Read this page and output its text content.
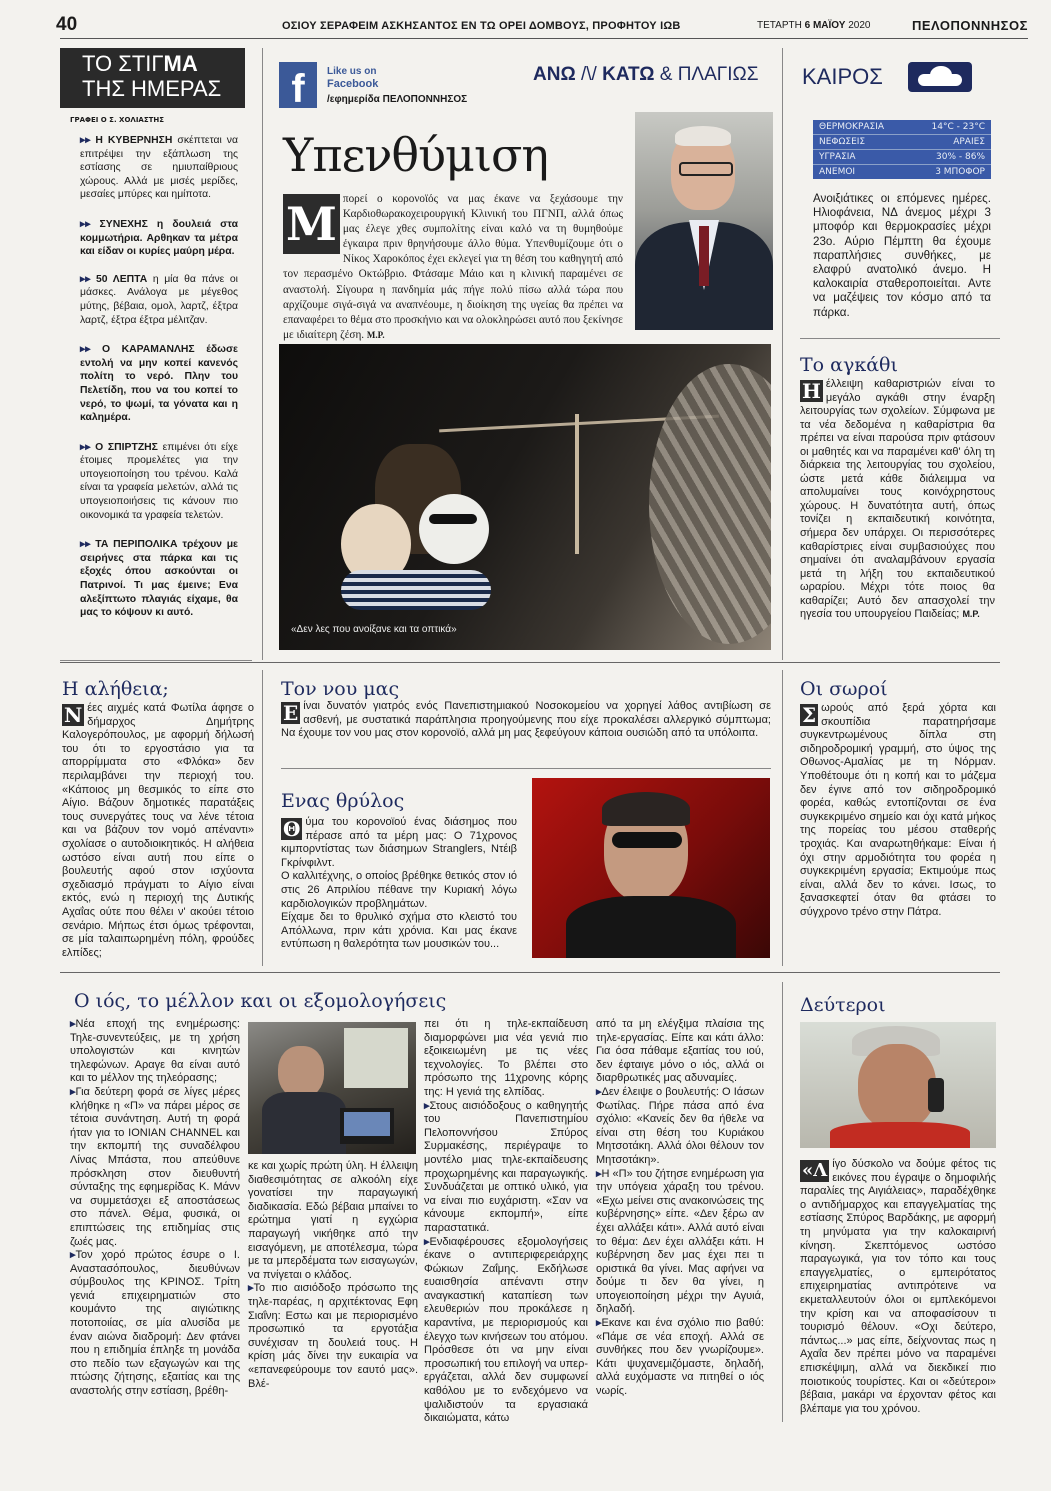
40	ΟΣΙΟΥ ΣΕΡΑΦΕΙΜ ΑΣΚΗΣΑΝΤΟΣ ΕΝ ΤΩ ΟΡΕΙ ΔΟΜΒΟΥΣ, ΠΡΟΦΗΤΟΥ ΙΩΒ	ΤΕΤΑΡΤΗ 6 ΜΑΪΟΥ 2020	ΠΕΛΟΠΟΝΝΗΣΟΣ
ΤΟ ΣΤΙΓΜΑ
ΤΗΣ ΗΜΕΡΑΣ
ΓΡΑΦΕΙ Ο Σ. ΧΟΛΙΑΣΤΗΣ
▸▸ Η ΚΥΒΕΡΝΗΣΗ σκέπτεται να επιτρέψει την εξάπλωση της εστίασης σε ημιυπαίθριους χώρους. Αλλά με μισές μερίδες, μεσαίες μπύρες και ημίποτα.
▸▸ ΣΥΝΕΧΗΣ η δουλειά στα κομμωτήρια. Αρθηκαν τα μέτρα και είδαν οι κυρίες μαύρη μέρα.
▸▸ 50 ΛΕΠΤΑ η μία θα πάνε οι μάσκες. Ανάλογα με μέγεθος μύτης, βέβαια, ομολ, λαρτζ, έξτρα λαρτζ, έξτρα έξτρα μέλιτζαν.
▸▸ Ο ΚΑΡΑΜΑΝΛΗΣ έδωσε εντολή να μην κοπεί κανενός πολίτη το νερό. Πλην του Πελετίδη, που να του κοπεί το νερό, το ψωμί, τα γόνατα και η καλημέρα.
▸▸ Ο ΣΠΙΡΤΖΗΣ επιμένει ότι είχε έτοιμες προμελέτες για την υπογειοποίηση του τρένου. Καλά είναι τα γραφεία μελετών, αλλά τις υπογειοποιήσεις τις κάνουν πιο οικονομικά τα γραφεία τελετών.
▸▸ ΤΑ ΠΕΡΙΠΟΛΙΚΑ τρέχουν με σειρήνες στα πάρκα και τις εξοχές όπου ασκούνται οι Πατρινοί. Τι μας έμεινε; Ενα αλεξίπτωτο πλαγιάς είχαμε, θα μας το κόψουν κι αυτό.
f	Like us on
Facebook
/εφημερίδα ΠΕΛΟΠΟΝΝΗΣΟΣ
ΑΝΩ /\/ ΚΑΤΩ & ΠΛΑΓΙΩΣ
Υπενθύμιση
Μ πορεί ο κορονοϊός να μας έκανε να ξεχάσουμε την Καρδιοθωρακοχειρουργική Κλινική του ΠΓΝΠ, αλλά όπως μας έλεγε χθες συμπολίτης είναι καλό να τη θυμηθούμε έγκαιρα πριν θρηνήσουμε άλλο θύμα. Υπενθυμίζουμε ότι ο Νίκος Χαροκόπος έχει εκλεγεί για τη θέση του καθηγητή από τον περασμένο Οκτώβριο. Φτάσαμε Μάιο και η κλινική παραμένει σε αναστολή. Σίγουρα η πανδημία μάς πήγε πολύ πίσω αλλά τώρα που αρχίζουμε σιγά-σιγά να αναπνέουμε, η διοίκηση της υγείας θα πρέπει να επαναφέρει το θέμα στο προσκήνιο και να ολοκληρώσει αυτό που ξεκίνησε με ιδιαίτερη ζέση. Μ.Ρ.
«Δεν λες που ανοίξανε και τα οπτικά»
ΚΑΙΡΟΣ
ΘΕΡΜΟΚΡΑΣΙΑ	14°C - 23°C
ΝΕΦΩΣΕΙΣ	ΑΡΑΙΕΣ
ΥΓΡΑΣΙΑ	30% - 86%
ΑΝΕΜΟΙ	3 ΜΠΟΦΟΡ
Ανοιξιάτικες οι επόμενες ημέρες. Ηλιοφάνεια, ΝΔ άνεμος μέχρι 3 μποφόρ και θερμοκρασίες μέχρι 23ο. Αύριο Πέμπτη θα έχουμε παραπλήσιες συνθήκες, με ελαφρύ ανατολικό άνεμο. Η καλοκαιρία σταθεροποιείται. Αντε να μαζέψεις τον κόσμο από τα πάρκα.
Το αγκάθι
Η έλλειψη καθαριστριών είναι το μεγάλο αγκάθι στην έναρξη λειτουργίας των σχολείων. Σύμφωνα με τα νέα δεδομένα η καθαρίστρια θα πρέπει να είναι παρούσα πριν φτάσουν οι μαθητές και να παραμένει καθ' όλη τη διάρκεια της λειτουργίας του σχολείου, ώστε μετά κάθε διάλειμμα να απολυμαίνει τους κοινόχρηστους χώρους. Η δυνατότητα αυτή, όπως τονίζει η εκπαιδευτική κοινότητα, σήμερα δεν υπάρχει. Οι περισσότερες καθαρίστριες είναι συμβασιούχες που σημαίνει ότι αναλαμβάνουν εργασία μετά τη λήξη του εκπαιδευτικού ωραρίου. Μέχρι τότε ποιος θα καθαρίζει; Αυτό δεν απασχολεί την ηγεσία του υπουργείου Παιδείας; Μ.Ρ.
Η αλήθεια;
Ν έες αιχμές κατά Φωτίλα άφησε ο δήμαρχος Δημήτρης Καλογερόπουλος, με αφορμή δήλωσή του ότι το εργοστάσιο για τα απορρίμματα στο «Φλόκα» δεν περιλαμβάνει την περιοχή του. «Κάποιος μη θεσμικός το είπε στο Αίγιο. Βάζουν δημοτικές παρατάξεις τους συνεργάτες τους να λένε τέτοια και να βάζουν τον νομό απέναντι» σχολίασε ο αυτοδιοικητικός. Η αλήθεια ωστόσο είναι αυτή που είπε ο βουλευτής αφού στον ισχύοντα σχεδιασμό πράγματι το Αίγιο είναι εκτός, ενώ η περιοχή της Δυτικής Αχαΐας ούτε που θέλει ν' ακούει τέτοιο σενάριο. Μήπως έτσι όμως τρέφονται, σε μία ταλαιπωρημένη πόλη, φρούδες ελπίδες;
Τον νου μας
Ε ίναι δυνατόν γιατρός ενός Πανεπιστημιακού Νοσοκομείου να χορηγεί λάθος αντιβίωση σε ασθενή, με συστατικά παράπλησια προηγούμενης που είχε προκαλέσει αλλεργικό σύμπτωμα; Να έχουμε τον νου μας στον κορονοϊό, αλλά μη μας ξεφεύγουν κάποια ουσιώδη από τα υπόλοιπα.
Ενας θρύλος
Θ ύμα του κορονοϊού ένας διάσημος που πέρασε από τα μέρη μας: Ο 71χρονος κιμπορντίστας των διάσημων Stranglers, Ντέιβ Γκρίνφιλντ.
Ο καλλιτέχνης, ο οποίος βρέθηκε θετικός στον ιό στις 26 Απριλίου πέθανε την Κυριακή λόγω καρδιολογικών προβλημάτων.
Είχαμε δει το θρυλικό σχήμα στο κλειστό του Απόλλωνα, πριν κάτι χρόνια. Και μας έκανε εντύπωση η θαλερότητα των μουσικών του...
Οι σωροί
Σ ωρούς από ξερά χόρτα και σκουπίδια παρατηρήσαμε συγκεντρωμένους δίπλα στη σιδηροδρομική γραμμή, στο ύψος της Οθωνος-Αμαλίας με τη Νόρμαν. Υποθέτουμε ότι η κοπή και το μάζεμα δεν έγινε από τον σιδηροδρομικό φορέα, καθώς εντοπίζονται σε ένα συγκεκριμένο σημείο και όχι κατά μήκος της πορείας του μέσου σταθερής τροχιάς. Και αναρωτηθήκαμε: Είναι ή όχι στην αρμοδιότητα του φορέα η συγκεκριμένη εργασία; Εκτιμούμε πως είναι, αλλά δεν το κάνει. Ισως, το ξανασκεφτεί όταν θα φτάσει το σύγχρονο τρένο στην Πάτρα.
Ο ιός, το μέλλον και οι εξομολογήσεις
▸Νέα εποχή της ενημέρωσης: Τηλε-συνεντεύξεις, με τη χρήση υπολογιστών και κινητών τηλεφώνων. Αραγε θα είναι αυτό και το μέλλον της τηλεόρασης;
▸Για δεύτερη φορά σε λίγες μέρες κλήθηκε η «Π» να πάρει μέρος σε τέτοια συνάντηση. Αυτή τη φορά ήταν για το IONIAN CHANNEL και την εκπομπή της συναδέλφου Λίνας Μπάστα, που απεύθυνε πρόσκληση στον διευθυντή σύνταξης της εφημερίδας Κ. Μάνν να συμμετάσχει εξ αποστάσεως στο πάνελ. Θέμα, φυσικά, οι επιπτώσεις της επιδημίας στις ζωές μας.
▸Τον χορό πρώτος έσυρε ο Ι. Αναστασόπουλος, διευθύνων σύμβουλος της ΚΡΙΝΟΣ. Τρίτη γενιά επιχειρηματιών στο κουμάντο της αιγιώτικης ποτοποιίας, σε μία αλυσίδα με έναν αιώνα διαδρομή: Δεν φτάνει που η επιδημία έπληξε τη μονάδα στο πεδίο των εξαγωγών και της πτώσης ζήτησης, εξαιτίας και της αναστολής στην εστίαση, βρέθη-
κε και χωρίς πρώτη ύλη. Η έλλειψη διαθεσιμότητας σε αλκοόλη είχε γονατίσει την παραγωγική διαδικασία. Εδώ βέβαια μπαίνει το ερώτημα γιατί η εγχώρια παραγωγή νικήθηκε από την εισαγόμενη, με αποτέλεσμα, τώρα με τα μπερδέματα των εισαγωγών, να πνίγεται ο κλάδος.
▸Το πιο αισιόδοξο πρόσωπο της τηλε-παρέας, η αρχιτέκτονας Εφη Σιαΐνη: Εστω και με περιορισμένο προσωπικό τα εργοτάξια συνέχισαν τη δουλειά τους. Η κρίση μάς δίνει την ευκαιρία να «επανεφεύρουμε τον εαυτό μας». Βλέ-
πει ότι η τηλε-εκπαίδευση διαμορφώνει μια νέα γενιά πιο εξοικειωμένη με τις νέες τεχνολογίες. Το βλέπει στο πρόσωπο της 11χρονης κόρης της: Η γενιά της ελπίδας.
▸Στους αισιόδοξους ο καθηγητής του Πανεπιστημίου Πελοποννήσου Σπύρος Συρμακέσης, περιέγραψε το μοντέλο μιας τηλε-εκπαίδευσης προχωρημένης και παραγωγικής. Συνδυάζεται με οπτικό υλικό, για να είναι πιο ευχάριστη. «Σαν να κάνουμε εκπομπή», είπε παραστατικά.
▸Ενδιαφέρουσες εξομολογήσεις έκανε ο αντιπεριφερειάρχης Φώκιων Ζαΐμης. Εκδήλωσε ευαισθησία απέναντι στην αναγκαστική καταπίεση των ελευθεριών που προκάλεσε η καραντίνα, με περιορισμούς και έλεγχο των κινήσεων του ατόμου. Πρόσθεσε ότι να μην είναι προσωπική του επιλογή να υπερ-εργάζεται, αλλά δεν συμφωνεί καθόλου με το ενδεχόμενο να ψαλιδιστούν τα εργασιακά δικαιώματα, κάτω
από τα μη ελέγξιμα πλαίσια της τηλε-εργασίας. Είπε και κάτι άλλο: Για όσα πάθαμε εξαιτίας του ιού, δεν έφταιγε μόνο ο ιός, αλλά οι διαρθρωτικές μας αδυναμίες.
▸Δεν έλειψε ο βουλευτής: Ο Ιάσων Φωτίλας. Πήρε πάσα από ένα σχόλιο: «Κανείς δεν θα ήθελε να είναι στη θέση του Κυριάκου Μητσοτάκη. Αλλά όλοι θέλουν τον Μητσοτάκη».
▸Η «Π» του ζήτησε ενημέρωση για την υπόγεια χάραξη του τρένου. «Εχω μείνει στις ανακοινώσεις της κυβέρνησης» είπε. «Δεν ξέρω αν έχει αλλάξει κάτι». Αλλά αυτό είναι το θέμα: Δεν έχει αλλάξει κάτι. Η κυβέρνηση δεν μας έχει πει τι οριστικά θα γίνει. Μας αφήνει να δούμε τι δεν θα γίνει, η υπογειοποίηση μέχρι την Αγυιά, δηλαδή.
▸Εκανε και ένα σχόλιο πιο βαθύ: «Πάμε σε νέα εποχή. Αλλά σε συνθήκες που δεν γνωρίζουμε». Κάτι ψυχανεμιζόμαστε, δηλαδή, αλλά ευχόμαστε να πιτηθεί ο ιός νωρίς.
Δεύτεροι
«Λ ίγο δύσκολο να δούμε φέτος τις εικόνες που έγραψε ο δημοφιλής παραλίες της Αιγιάλειας», παραδέχθηκε ο αντιδήμαρχος και επαγγελματίας της εστίασης Σπύρος Βαρδάκης, με αφορμή τη μηνύματα για την καλοκαιρινή κίνηση. Σκεπτόμενος ωστόσο παραγωγικά, για τον τόπο και τους επαγγελματίες, ο εμπειρότατος επιχειρηματίας αντιπρότεινε να εκμεταλλευτούν όλοι οι εμπλεκόμενοι την κρίση και να αποφασίσουν τι τουρισμό θέλουν. «Οχι δεύτερο, πάντως...» μας είπε, δείχνοντας πως η Αχαΐα δεν πρέπει μόνο να παραμένει επισκέψιμη, αλλά να διεκδικεί πιο ποιοτικούς τουρίστες. Και οι «δεύτεροι» βέβαια, μακάρι να έρχονταν φέτος και βλέπαμε για του χρόνου.
